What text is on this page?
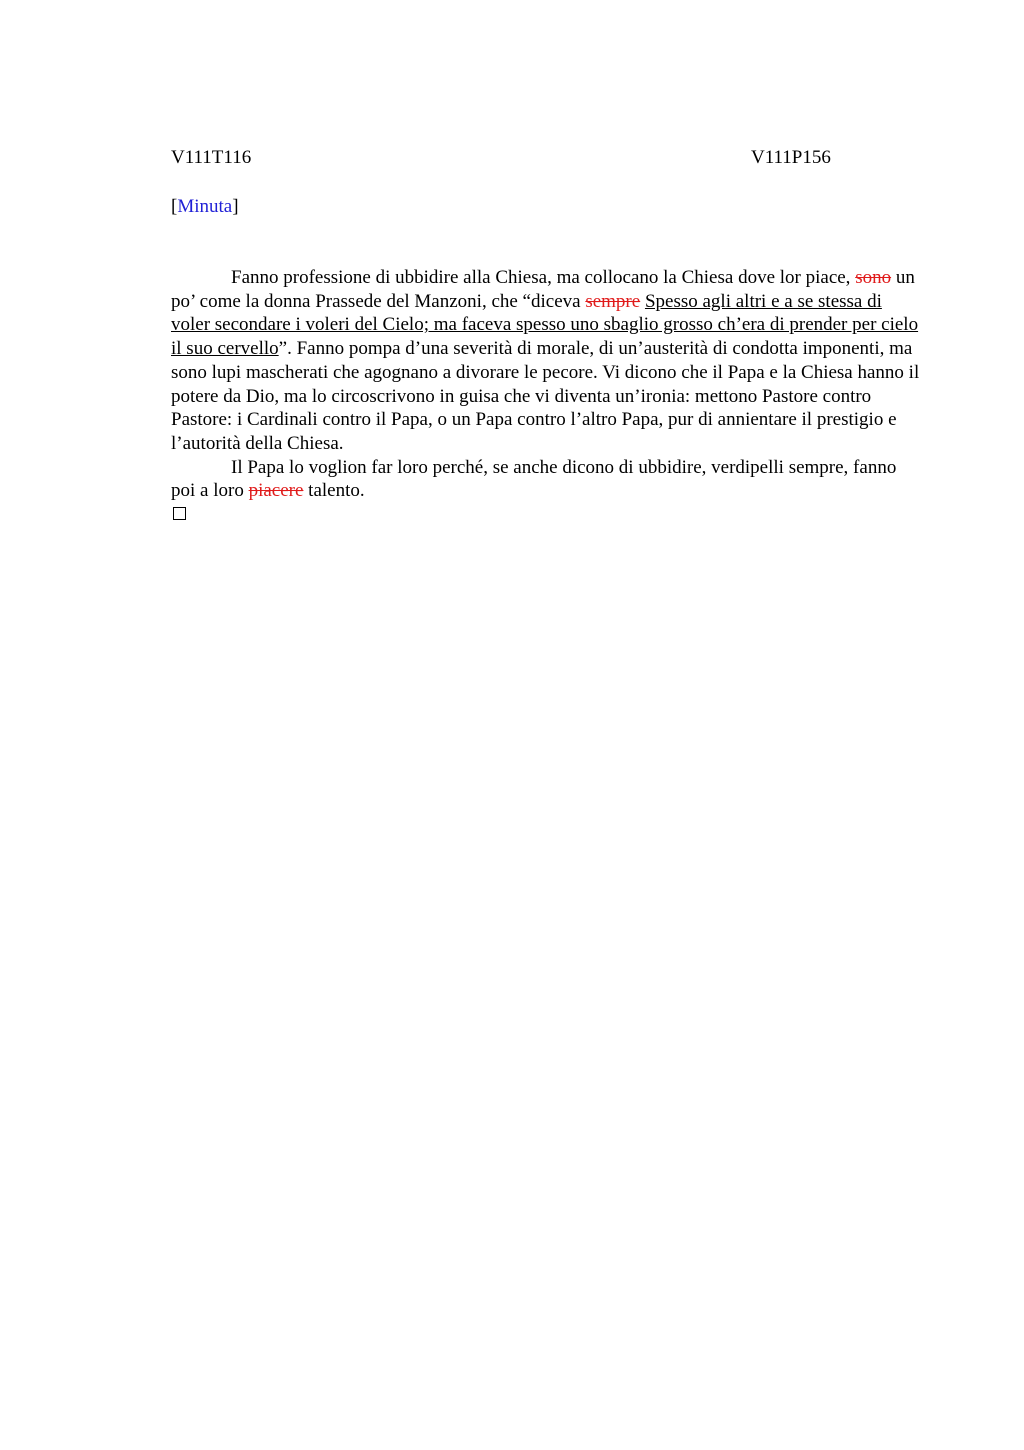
V111T116	V111P156
[Minuta]

Fanno professione di ubbidire alla Chiesa, ma collocano la Chiesa dove lor piace, sono un po’ come la donna Prassede del Manzoni, che “diceva sempre Spesso agli altri e a se stessa di voler secondare i voleri del Cielo; ma faceva spesso uno sbaglio grosso ch’era di prender per cielo il suo cervello”. Fanno pompa d’una severità di morale, di un’austerità di condotta imponenti, ma sono lupi mascherati che agognano a divorare le pecore. Vi dicono che il Papa e la Chiesa hanno il potere da Dio, ma lo circoscrivono in guisa che vi diventa un’ironia: mettono Pastore contro Pastore: i Cardinali contro il Papa, o un Papa contro l’altro Papa, pur di annientare il prestigio e l’autorità della Chiesa.

Il Papa lo voglion far loro perché, se anche dicono di ubbidire, verdipelli sempre, fanno poi a loro piacere talento.
